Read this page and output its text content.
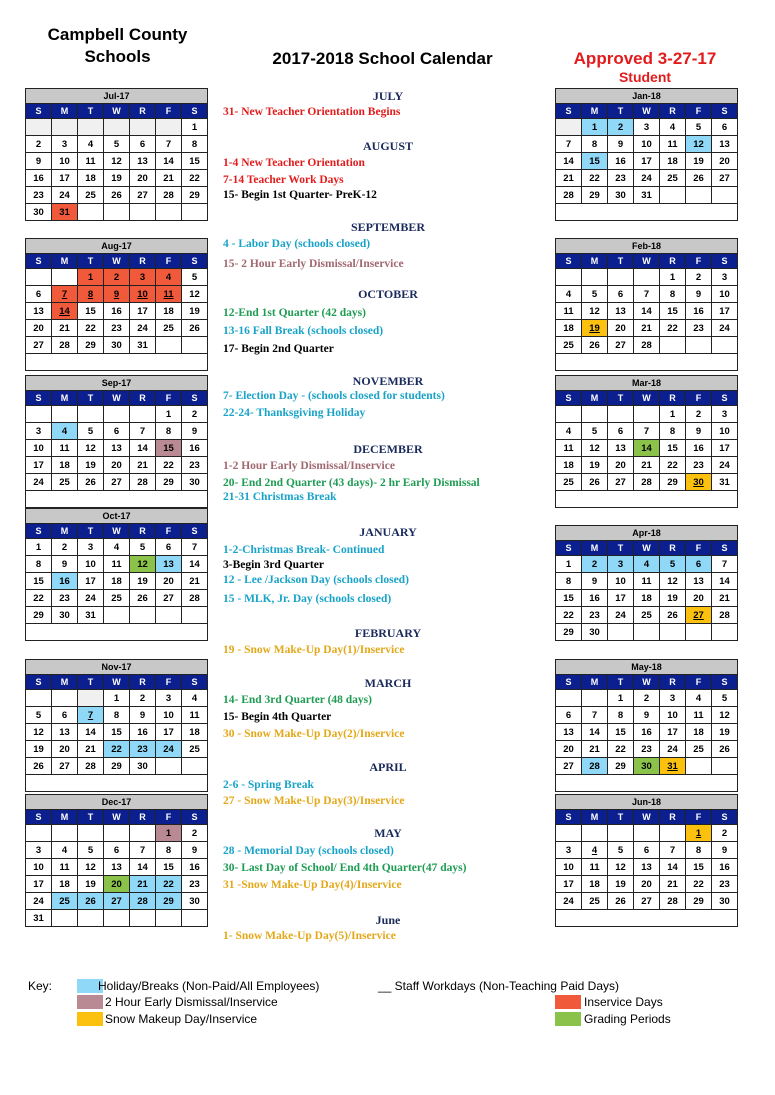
Campbell County
Schools	2017-2018 School Calendar	Approved 3-27-17
Student
Jul-17						
S	M	T	W	R	F	S
						1
2	3	4	5	6	7	8
9	10	11	12	13	14	15
16	17	18	19	20	21	22
23	24	25	26	27	28	29
30	31					
Aug-17						
S	M	T	W	R	F	S
		1	2	3	4	5
6	7	8	9	10	11	12
13	14	15	16	17	18	19
20	21	22	23	24	25	26
27	28	29	30	31		

Sep-17						
S	M	T	W	R	F	S
					1	2
3	4	5	6	7	8	9
10	11	12	13	14	15	16
17	18	19	20	21	22	23
24	25	26	27	28	29	30

Oct-17						
S	M	T	W	R	F	S
1	2	3	4	5	6	7
8	9	10	11	12	13	14
15	16	17	18	19	20	21
22	23	24	25	26	27	28
29	30	31				

Nov-17						
S	M	T	W	R	F	S
			1	2	3	4
5	6	7	8	9	10	11
12	13	14	15	16	17	18
19	20	21	22	23	24	25
26	27	28	29	30		

Dec-17						
S	M	T	W	R	F	S
					1	2
3	4	5	6	7	8	9
10	11	12	13	14	15	16
17	18	19	20	21	22	23
24	25	26	27	28	29	30
31						
Jan-18						
S	M	T	W	R	F	S
	1	2	3	4	5	6
7	8	9	10	11	12	13
14	15	16	17	18	19	20
21	22	23	24	25	26	27
28	29	30	31			

Feb-18						
S	M	T	W	R	F	S
				1	2	3
4	5	6	7	8	9	10
11	12	13	14	15	16	17
18	19	20	21	22	23	24
25	26	27	28			

Mar-18						
S	M	T	W	R	F	S
				1	2	3
4	5	6	7	8	9	10
11	12	13	14	15	16	17
18	19	20	21	22	23	24
25	26	27	28	29	30	31

Apr-18						
S	M	T	W	R	F	S
1	2	3	4	5	6	7
8	9	10	11	12	13	14
15	16	17	18	19	20	21
22	23	24	25	26	27	28
29	30					
May-18						
S	M	T	W	R	F	S
		1	2	3	4	5
6	7	8	9	10	11	12
13	14	15	16	17	18	19
20	21	22	23	24	25	26
27	28	29	30	31		

Jun-18						
S	M	T	W	R	F	S
					1	2
3	4	5	6	7	8	9
10	11	12	13	14	15	16
17	18	19	20	21	22	23
24	25	26	27	28	29	30

JULY
31- New Teacher Orientation Begins
AUGUST
1-4 New Teacher Orientation
7-14 Teacher Work Days
15- Begin 1st Quarter- PreK-12
SEPTEMBER
4 - Labor Day (schools closed)
15- 2 Hour Early Dismissal/Inservice
OCTOBER
12-End 1st Quarter (42 days)
13-16 Fall Break (schools closed)
17- Begin 2nd Quarter
NOVEMBER
7- Election Day - (schools closed for students)
22-24- Thanksgiving Holiday
DECEMBER
1-2 Hour Early Dismissal/Inservice
20- End 2nd Quarter (43 days)- 2 hr Early Dismissal
21-31 Christmas Break
JANUARY
1-2-Christmas Break- Continued
3-Begin 3rd Quarter
12 - Lee /Jackson Day (schools closed)
15 - MLK, Jr. Day (schools closed)
FEBRUARY
19 - Snow Make-Up Day(1)/Inservice
MARCH
14- End 3rd Quarter (48 days)
15- Begin 4th Quarter
30 - Snow Make-Up Day(2)/Inservice
APRIL
2-6 - Spring Break
27 - Snow Make-Up Day(3)/Inservice
MAY
28 - Memorial Day (schools closed)
30- Last Day of School/ End 4th Quarter(47 days)
31 -Snow Make-Up Day(4)/Inservice
June
1- Snow Make-Up Day(5)/Inservice
Key:	Holiday/Breaks (Non-Paid/All Employees)	__ Staff Workdays (Non-Teaching Paid Days)
2 Hour Early Dismissal/Inservice	Inservice Days
Snow Makeup Day/Inservice	Grading Periods
